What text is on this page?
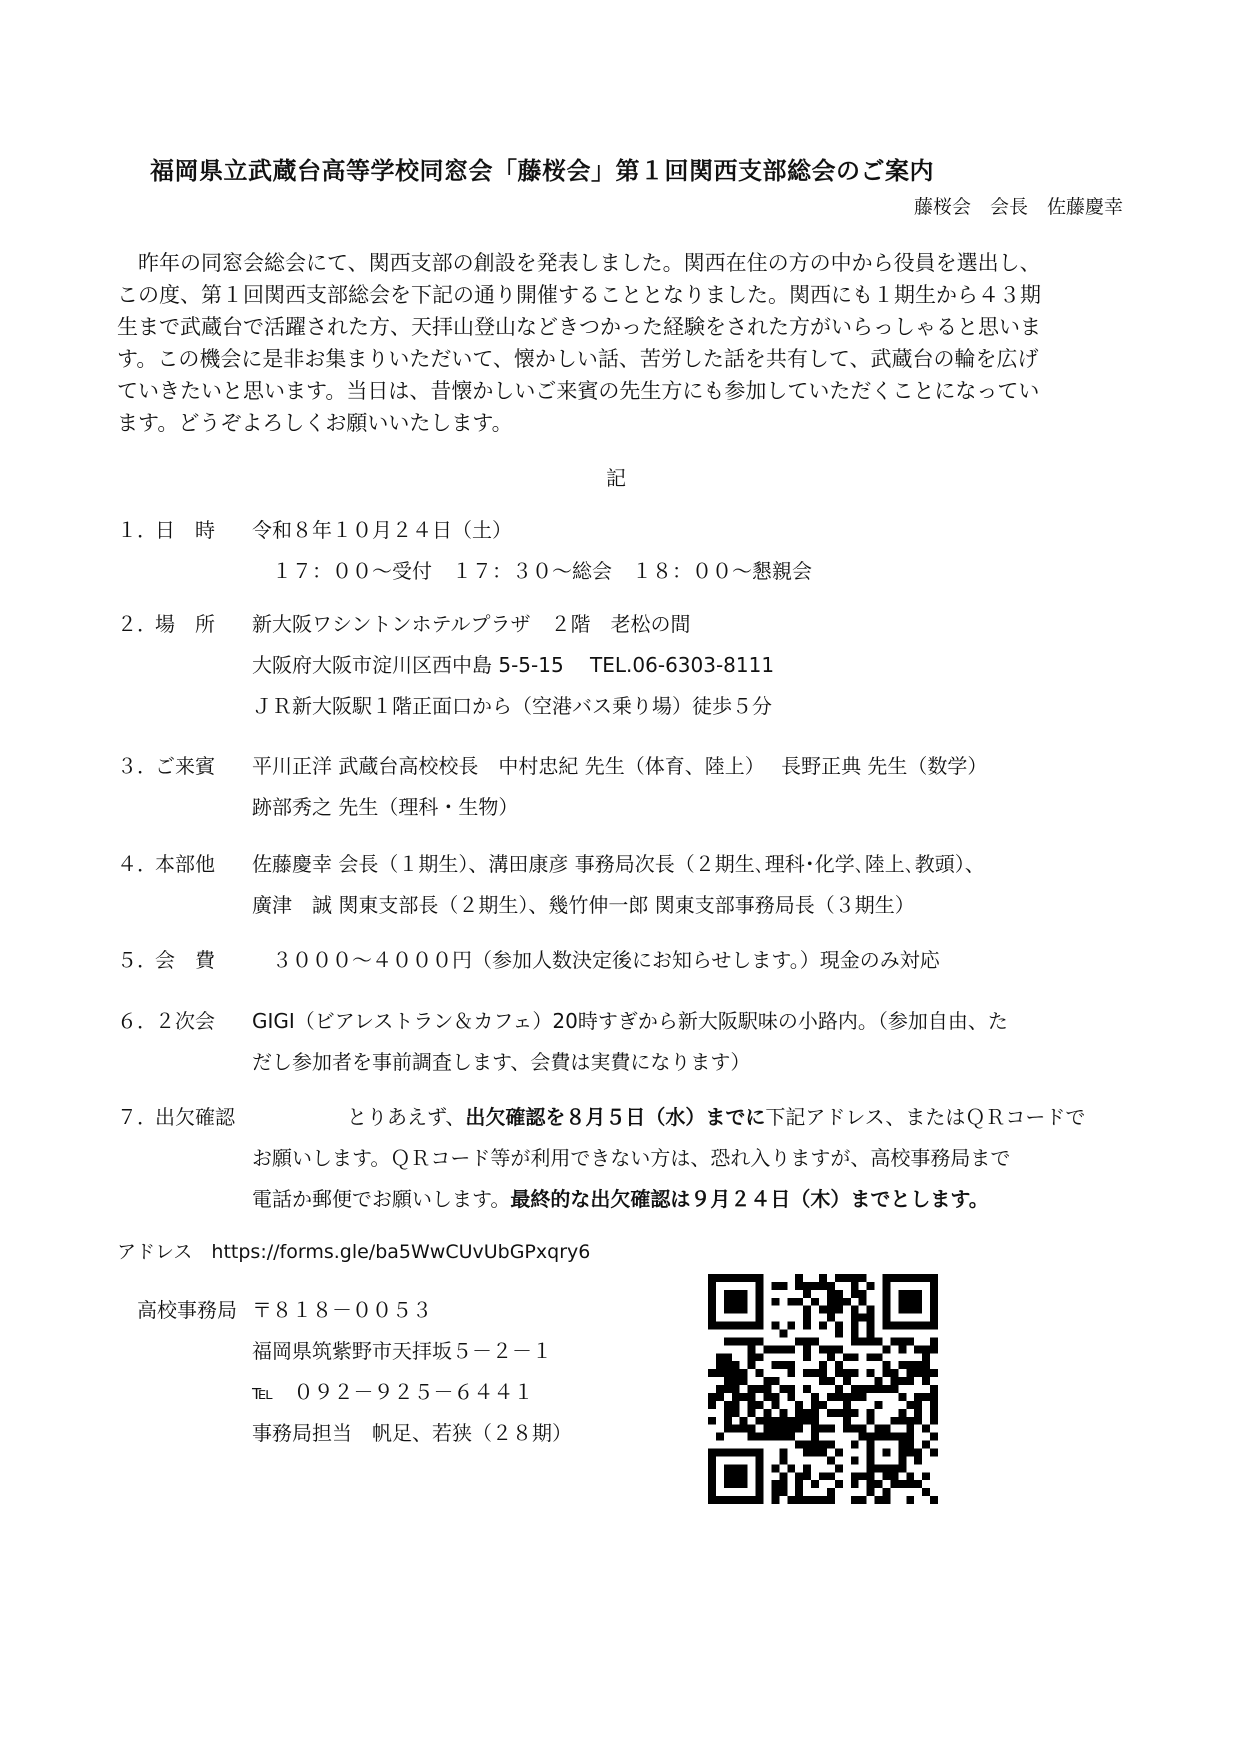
福岡県立武蔵台高等学校同窓会「藤桜会」第１回関西支部総会のご案内
藤桜会　会長　佐藤慶幸
　昨年の同窓会総会にて、関西支部の創設を発表しました。関西在住の方の中から役員を選出し、
この度、第１回関西支部総会を下記の通り開催することとなりました。関西にも１期生から４３期
生まで武蔵台で活躍された方、天拝山登山などきつかった経験をされた方がいらっしゃると思いま
す。この機会に是非お集まりいただいて、懐かしい話、苦労した話を共有して、武蔵台の輪を広げ
ていきたいと思います。当日は、昔懐かしいご来賓の先生方にも参加していただくことになってい
ます。どうぞよろしくお願いいたします。
記
１．
日　時 令和８年１０月２４日（土）
　１７：００～受付　１７：３０～総会　１８：００～懇親会
２．
場　所 新大阪ワシントンホテルプラザ　２階　老松の間
大阪府大阪市淀川区西中島 5-5-15　 TEL.06-6303-8111
ＪＲ新大阪駅１階正面口から（空港バス乗り場）徒歩５分
３．
ご来賓 平川正洋 武蔵台高校校長　中村忠紀 先生（体育、陸上）　 長野正典 先生（数学）
跡部秀之 先生（理科・生物）
４．
本部他 佐藤慶幸 会長（１期生）、溝田康彦 事務局次長（２期生､理科･化学､陸上､教頭）、
廣津　誠 関東支部長（２期生）、幾竹伸一郎 関東支部事務局長（３期生）
５．
会　費 　３０００～４０００円（参加人数決定後にお知らせします。）現金のみ対応
６．
２次会 GIGI（ビアレストラン＆カフェ）20時すぎから新大阪駅味の小路内。（参加自由、た
だし参加者を事前調査します、会費は実費になります）
７．
出欠確認	　とりあえず、出欠確認を８月５日（水）までに下記アドレス、またはＱＲコードで
お願いします。ＱＲコード等が利用できない方は、恐れ入りますが、高校事務局まで
電話か郵便でお願いします。最終的な出欠確認は９月２４日（木）までとします。
アドレス　https://forms.gle/ba5WwCUvUbGPxqry6
高校事務局 〒８１８－００５３
福岡県筑紫野市天拝坂５－２－１
℡　０９２－９２５－６４４１
事務局担当　帆足、若狭（２８期）
